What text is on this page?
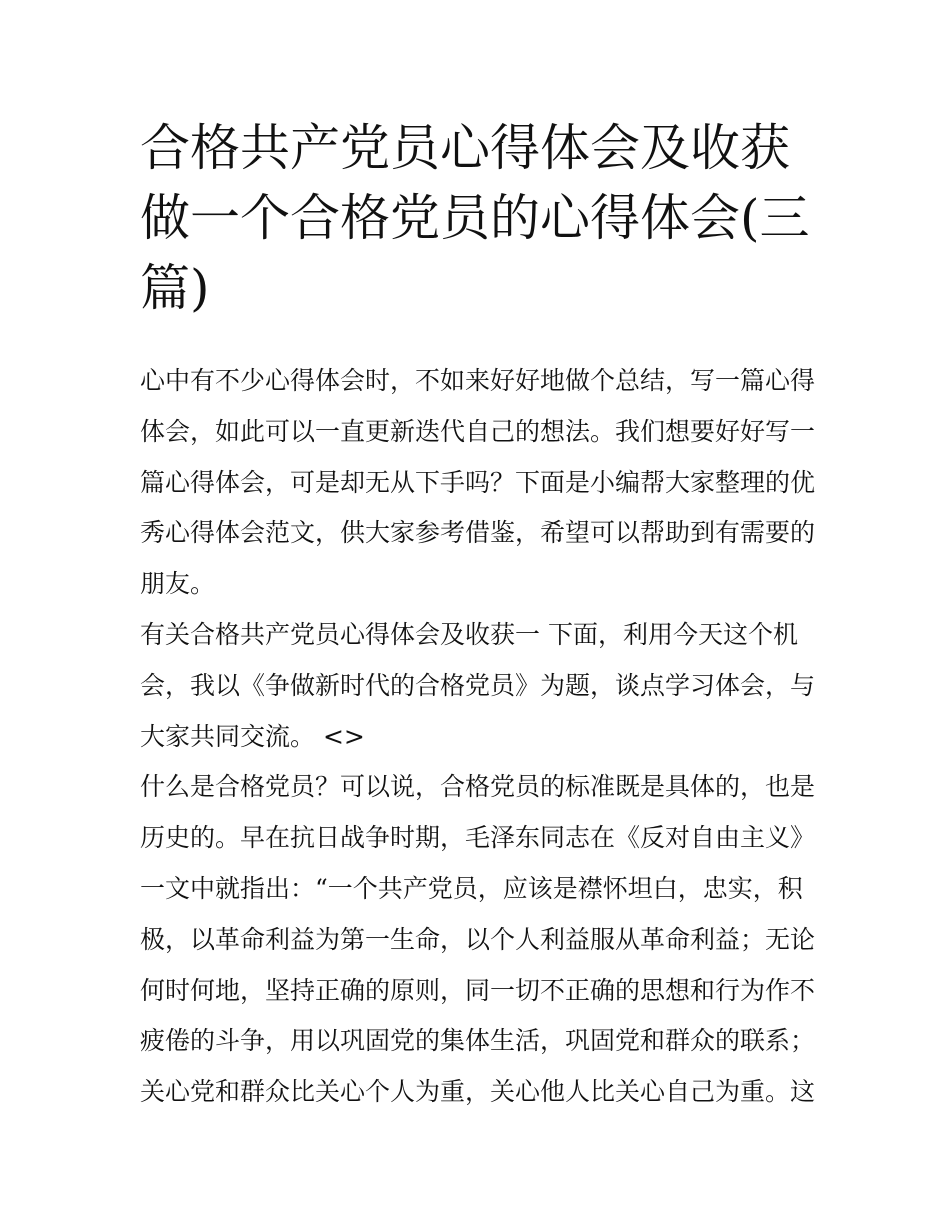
合格共产党员心得体会及收获
做一个合格党员的心得体会(三
篇)

心中有不少心得体会时，不如来好好地做个总结，写一篇心得
体会，如此可以一直更新迭代自己的想法。我们想要好好写一
篇心得体会，可是却无从下手吗？下面是小编帮大家整理的优
秀心得体会范文，供大家参考借鉴，希望可以帮助到有需要的
朋友。

有关合格共产党员心得体会及收获一 下面，利用今天这个机
会，我以《争做新时代的合格党员》为题，谈点学习体会，与
大家共同交流。 <>

什么是合格党员？可以说，合格党员的标准既是具体的，也是
历史的。早在抗日战争时期，毛泽东同志在《反对自由主义》
一文中就指出：“一个共产党员，应该是襟怀坦白，忠实，积
极，以革命利益为第一生命，以个人利益服从革命利益；无论
何时何地，坚持正确的原则，同一切不正确的思想和行为作不
疲倦的斗争，用以巩固党的集体生活，巩固党和群众的联系；
关心党和群众比关心个人为重，关心他人比关心自己为重。这
